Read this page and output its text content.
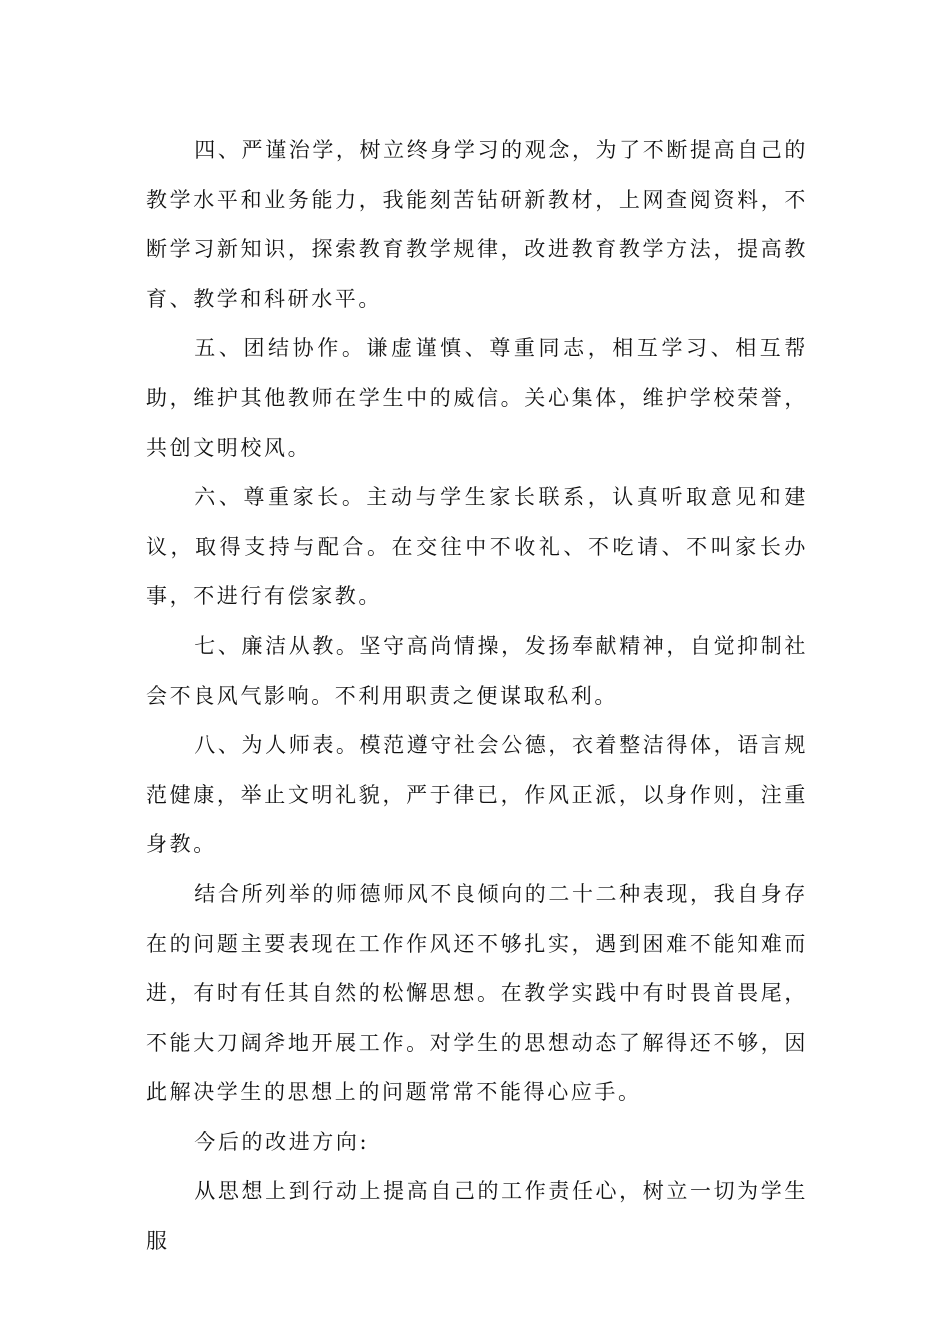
四、严谨治学，树立终身学习的观念，为了不断提高自己的教学水平和业务能力，我能刻苦钻研新教材，上网查阅资料，不断学习新知识，探索教育教学规律，改进教育教学方法，提高教育、教学和科研水平。

五、团结协作。谦虚谨慎、尊重同志，相互学习、相互帮助，维护其他教师在学生中的威信。关心集体，维护学校荣誉，共创文明校风。

六、尊重家长。主动与学生家长联系，认真听取意见和建议，取得支持与配合。在交往中不收礼、不吃请、不叫家长办事，不进行有偿家教。

七、廉洁从教。坚守高尚情操，发扬奉献精神，自觉抑制社会不良风气影响。不利用职责之便谋取私利。

八、为人师表。模范遵守社会公德，衣着整洁得体，语言规范健康，举止文明礼貌，严于律已，作风正派，以身作则，注重身教。

结合所列举的师德师风不良倾向的二十二种表现，我自身存在的问题主要表现在工作作风还不够扎实，遇到困难不能知难而进，有时有任其自然的松懈思想。在教学实践中有时畏首畏尾，不能大刀阔斧地开展工作。对学生的思想动态了解得还不够，因此解决学生的思想上的问题常常不能得心应手。

今后的改进方向:

从思想上到行动上提高自己的工作责任心，树立一切为学生服
